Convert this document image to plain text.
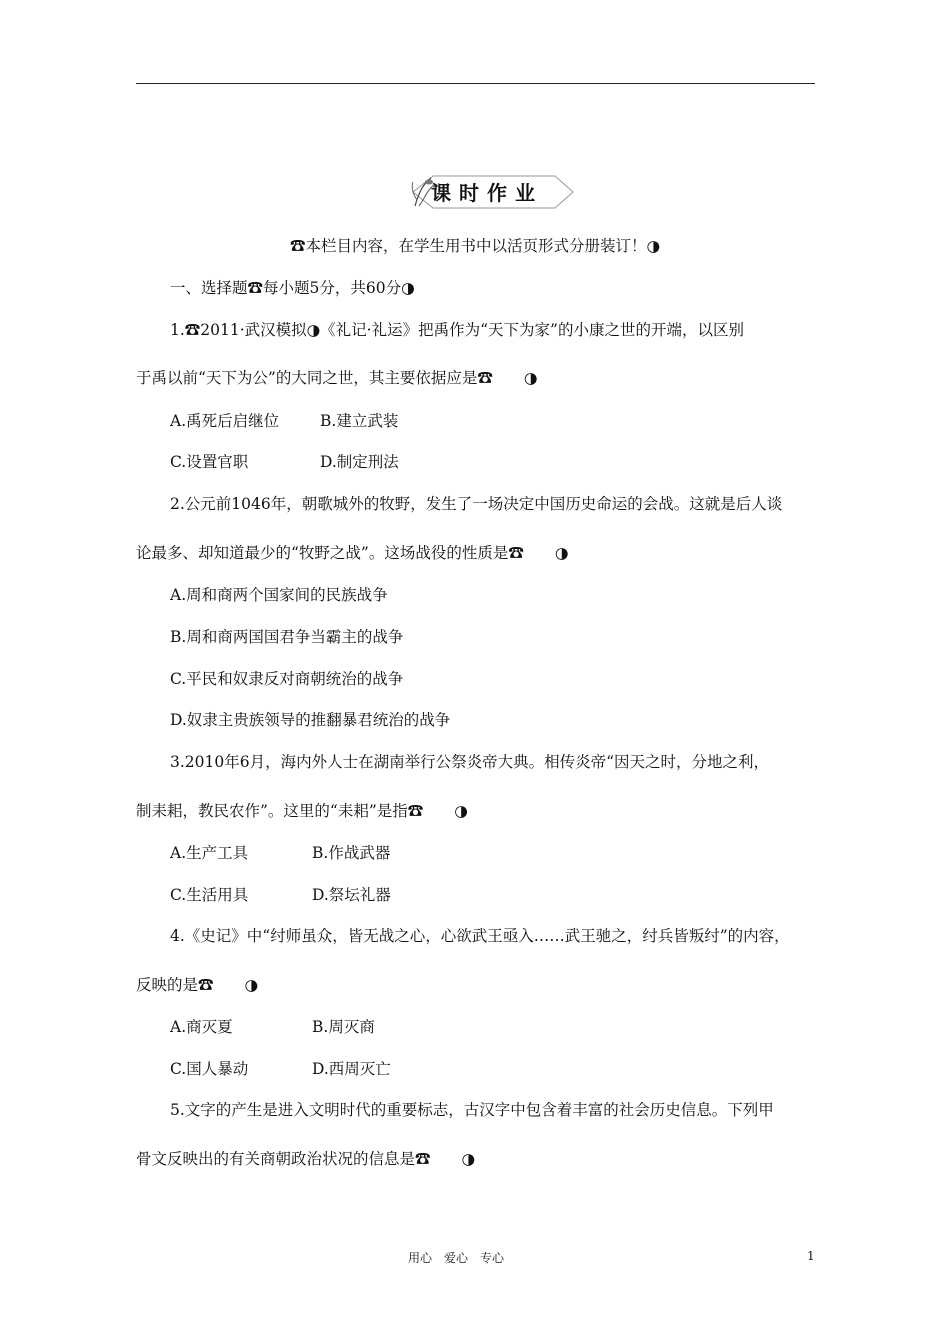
课时作业
☎本栏目内容，在学生用书中以活页形式分册装订！◑
一、选择题☎每小题5分，共60分◑
1.☎2011·武汉模拟◑《礼记·礼运》把禹作为“天下为家”的小康之世的开端，以区别
于禹以前“天下为公”的大同之世，其主要依据应是☎　　◑
A.禹死后启继位	B.建立武装
C.设置官职	D.制定刑法
2.公元前1046年，朝歌城外的牧野，发生了一场决定中国历史命运的会战。这就是后人谈
论最多、却知道最少的“牧野之战”。这场战役的性质是☎　　◑
A.周和商两个国家间的民族战争
B.周和商两国国君争当霸主的战争
C.平民和奴隶反对商朝统治的战争
D.奴隶主贵族领导的推翻暴君统治的战争
3.2010年6月，海内外人士在湖南举行公祭炎帝大典。相传炎帝“因天之时，分地之利，
制耒耜，教民农作”。这里的“耒耜”是指☎　　◑
A.生产工具	B.作战武器
C.生活用具	D.祭坛礼器
4.《史记》中“纣师虽众，皆无战之心，心欲武王亟入……武王驰之，纣兵皆叛纣”的内容，
反映的是☎　　◑
A.商灭夏	B.周灭商
C.国人暴动	D.西周灭亡
5.文字的产生是进入文明时代的重要标志，古汉字中包含着丰富的社会历史信息。下列甲
骨文反映出的有关商朝政治状况的信息是☎　　◑
用心　爱心　专心	1
